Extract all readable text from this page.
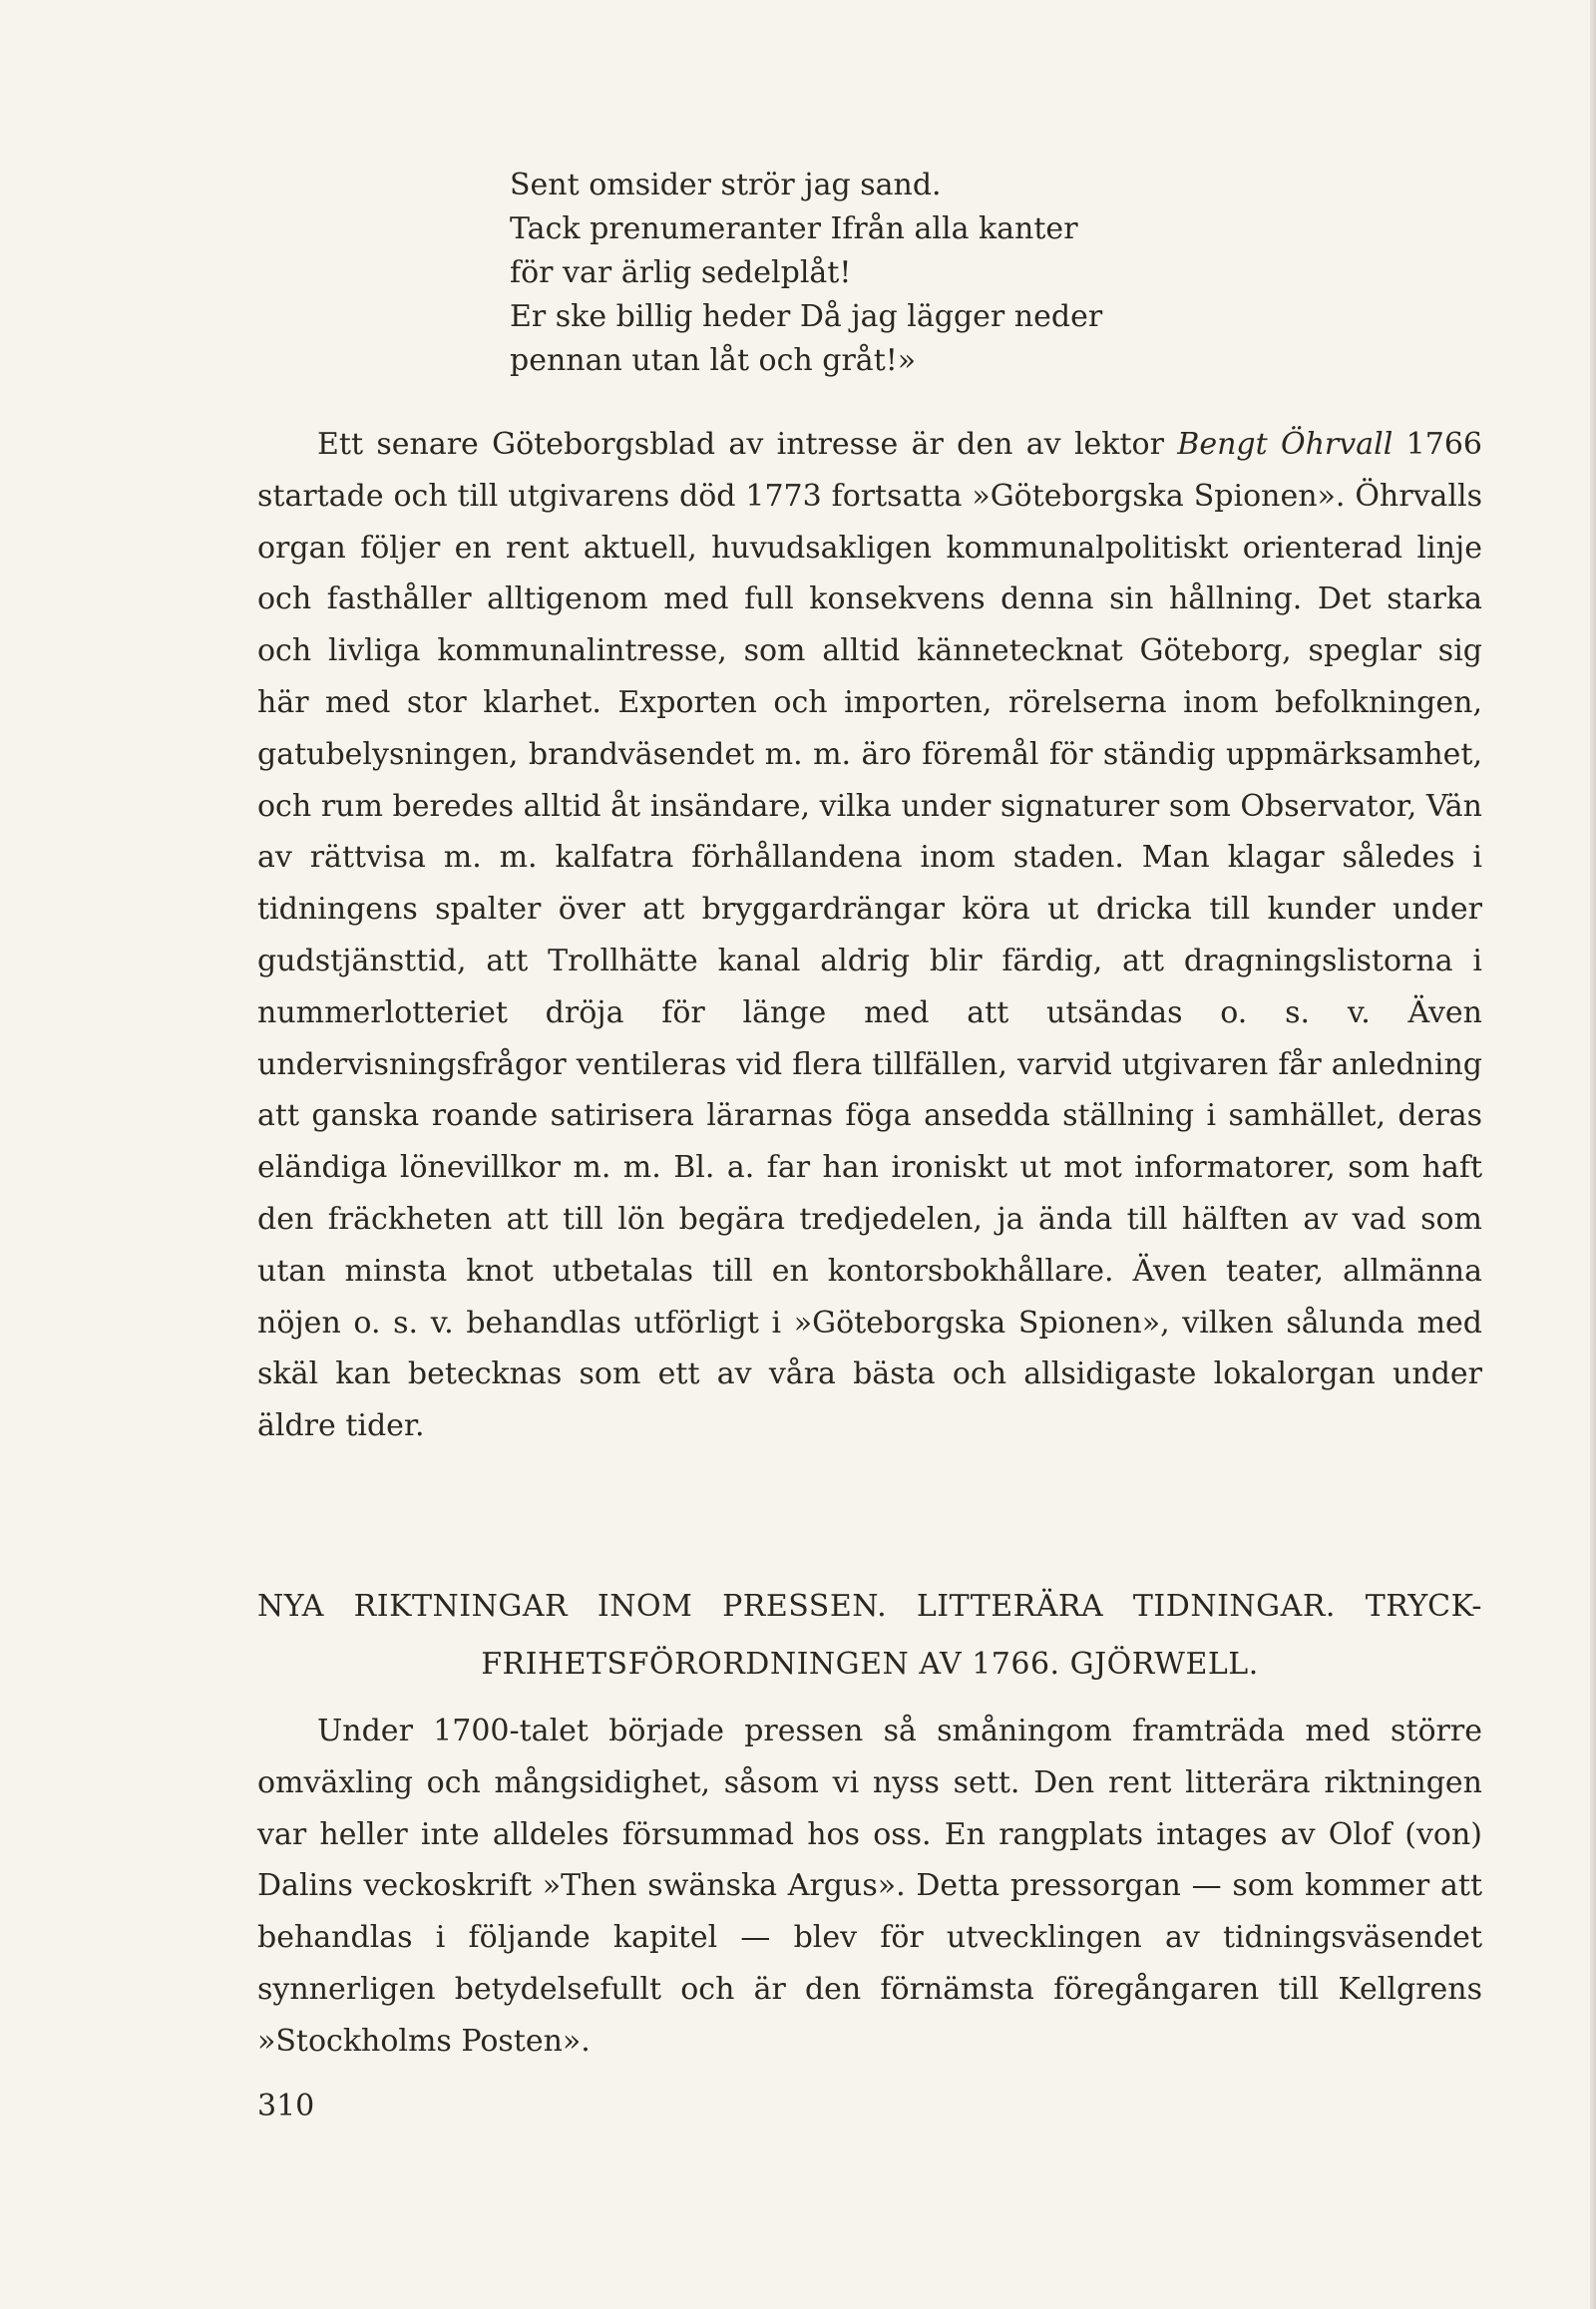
Sent omsider strör jag sand.
Tack prenumeranter Ifrån alla kanter
för var ärlig sedelplåt!
Er ske billig heder Då jag lägger neder
pennan utan låt och gråt!»

Ett senare Göteborgsblad av intresse är den av lektor Bengt Öhrvall 1766 startade och till utgivarens död 1773 fortsatta »Göteborgska Spionen». Öhrvalls organ följer en rent aktuell, huvudsakligen kommunalpolitiskt orienterad linje och fasthåller alltigenom med full konsekvens denna sin hållning. Det starka och livliga kommunalintresse, som alltid kännetecknat Göteborg, speglar sig här med stor klarhet. Exporten och importen, rörelserna inom befolkningen, gatubelysningen, brandväsendet m. m. äro föremål för ständig uppmärksamhet, och rum beredes alltid åt insändare, vilka under signaturer som Observator, Vän av rättvisa m. m. kalfatra förhållandena inom staden. Man klagar således i tidningens spalter över att bryggardrängar köra ut dricka till kunder under gudstjänsttid, att Trollhätte kanal aldrig blir färdig, att dragningslistorna i nummerlotteriet dröja för länge med att utsändas o. s. v. Även undervisningsfrågor ventileras vid flera tillfällen, varvid utgivaren får anledning att ganska roande satirisera lärarnas föga ansedda ställning i samhället, deras eländiga lönevillkor m. m. Bl. a. far han ironiskt ut mot informatorer, som haft den fräckheten att till lön begära tredjedelen, ja ända till hälften av vad som utan minsta knot utbetalas till en kontorsbokhållare. Även teater, allmänna nöjen o. s. v. behandlas utförligt i »Göteborgska Spionen», vilken sålunda med skäl kan betecknas som ett av våra bästa och allsidigaste lokalorgan under äldre tider.

NYA RIKTNINGAR INOM PRESSEN. LITTERÄRA TIDNINGAR. TRYCK-
FRIHETSFÖRORDNINGEN AV 1766. GJÖRWELL.

Under 1700-talet började pressen så småningom framträda med större omväxling och mångsidighet, såsom vi nyss sett. Den rent litterära riktningen var heller inte alldeles försummad hos oss. En rangplats intages av Olof (von) Dalins veckoskrift »Then swänska Argus». Detta pressorgan — som kommer att behandlas i följande kapitel — blev för utvecklingen av tidningsväsendet synnerligen betydelsefullt och är den förnämsta föregångaren till Kellgrens »Stockholms Posten».

310
